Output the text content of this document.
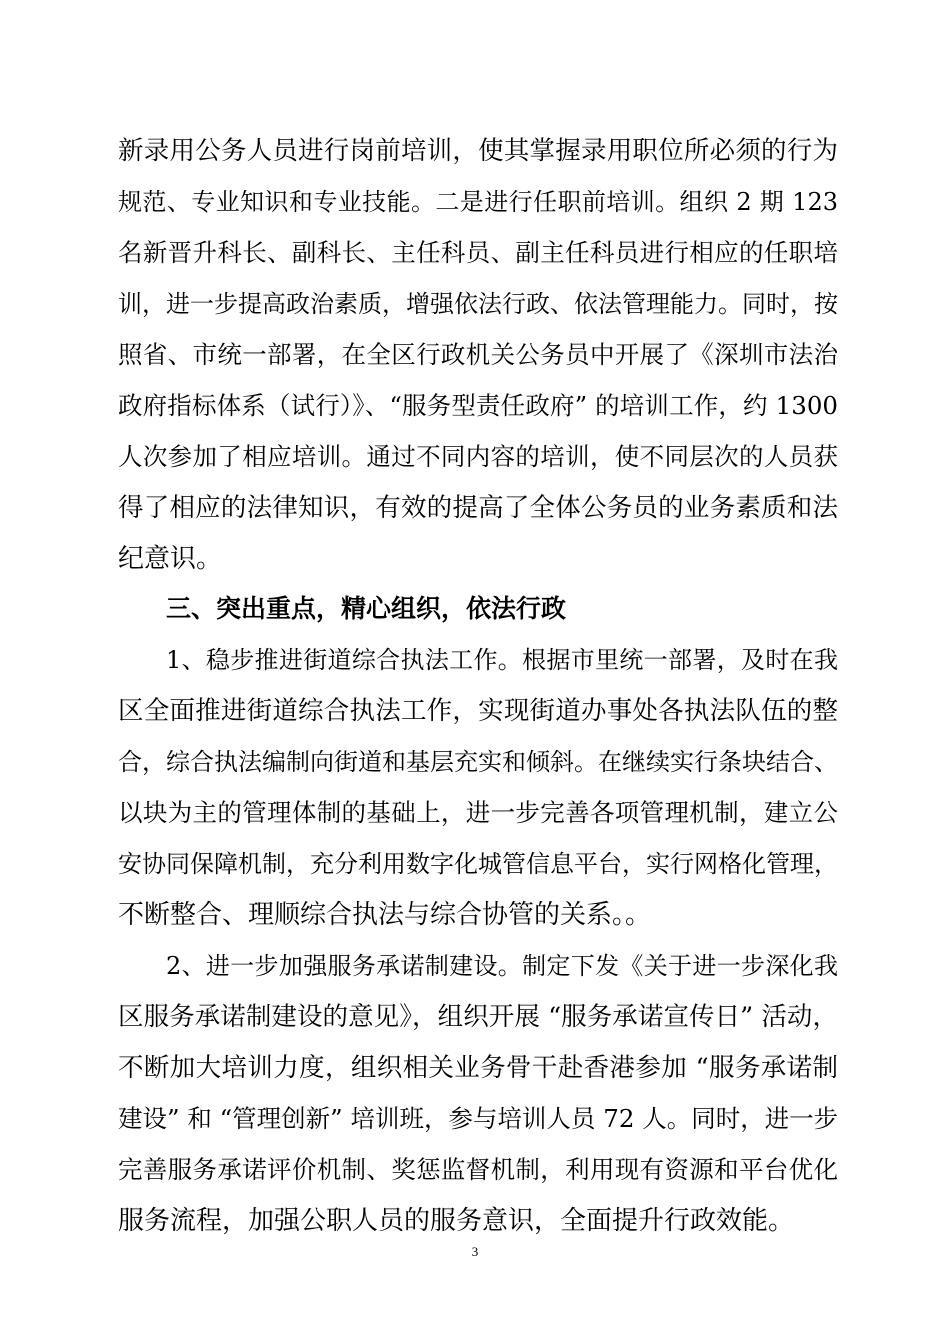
新录用公务人员进行岗前培训，使其掌握录用职位所必须的行为
规范、专业知识和专业技能。二是进行任职前培训。组织 2 期 123
名新晋升科长、副科长、主任科员、副主任科员进行相应的任职培
训，进一步提高政治素质，增强依法行政、依法管理能力。同时，按
照省、市统一部署，在全区行政机关公务员中开展了《深圳市法治
政府指标体系（试行）》、“服务型责任政府” 的培训工作，约 1300
人次参加了相应培训。通过不同内容的培训，使不同层次的人员获
得了相应的法律知识，有效的提高了全体公务员的业务素质和法
纪意识。
三、突出重点，精心组织，依法行政
1、稳步推进街道综合执法工作。根据市里统一部署，及时在我
区全面推进街道综合执法工作，实现街道办事处各执法队伍的整
合，综合执法编制向街道和基层充实和倾斜。在继续实行条块结合、
以块为主的管理体制的基础上，进一步完善各项管理机制，建立公
安协同保障机制，充分利用数字化城管信息平台，实行网格化管理，
不断整合、理顺综合执法与综合协管的关系。。
2、进一步加强服务承诺制建设。制定下发《关于进一步深化我
区服务承诺制建设的意见》，组织开展 “服务承诺宣传日” 活动，
不断加大培训力度，组织相关业务骨干赴香港参加 “服务承诺制
建设” 和 “管理创新” 培训班，参与培训人员 72 人。同时，进一步
完善服务承诺评价机制、奖惩监督机制，利用现有资源和平台优化
服务流程，加强公职人员的服务意识，全面提升行政效能。
3
